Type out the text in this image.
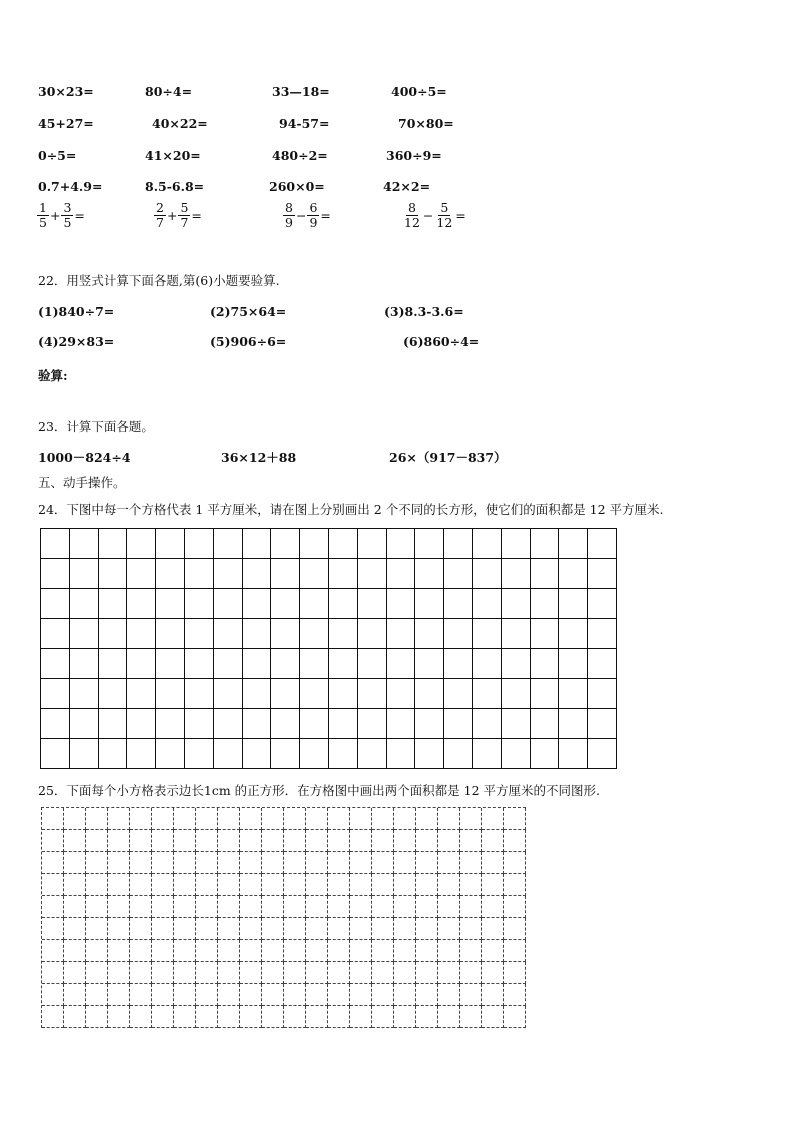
30×23=	80÷4=	33—18=	400÷5=
45+27=	40×22=	94-57=	70×80=
0÷5=	41×20=	480÷2=	360÷9=
0.7+4.9=	8.5-6.8=	260×0=	42×2=
$\frac{1}{5} + \frac{3}{5}$ =	$\frac{2}{7} + \frac{5}{7}$ =	$\frac{8}{9} - \frac{6}{9}$ =	$\frac{8}{12} - \frac{5}{12}$ =
22．用竖式计算下面各题,第(6)小题要验算.
(1)840÷7=	(2)75×64=	(3)8.3-3.6=
(4)29×83=	(5)906÷6=	(6)860÷4=
验算:
23．计算下面各题。
1000－824÷4	36×12＋88	26×（917－837）
五、动手操作。
24．下图中每一个方格代表 1 平方厘米，请在图上分别画出 2 个不同的长方形，使它们的面积都是 12 平方厘米.
25．下面每个小方格表示边长1cm 的正方形．在方格图中画出两个面积都是 12 平方厘米的不同图形.
